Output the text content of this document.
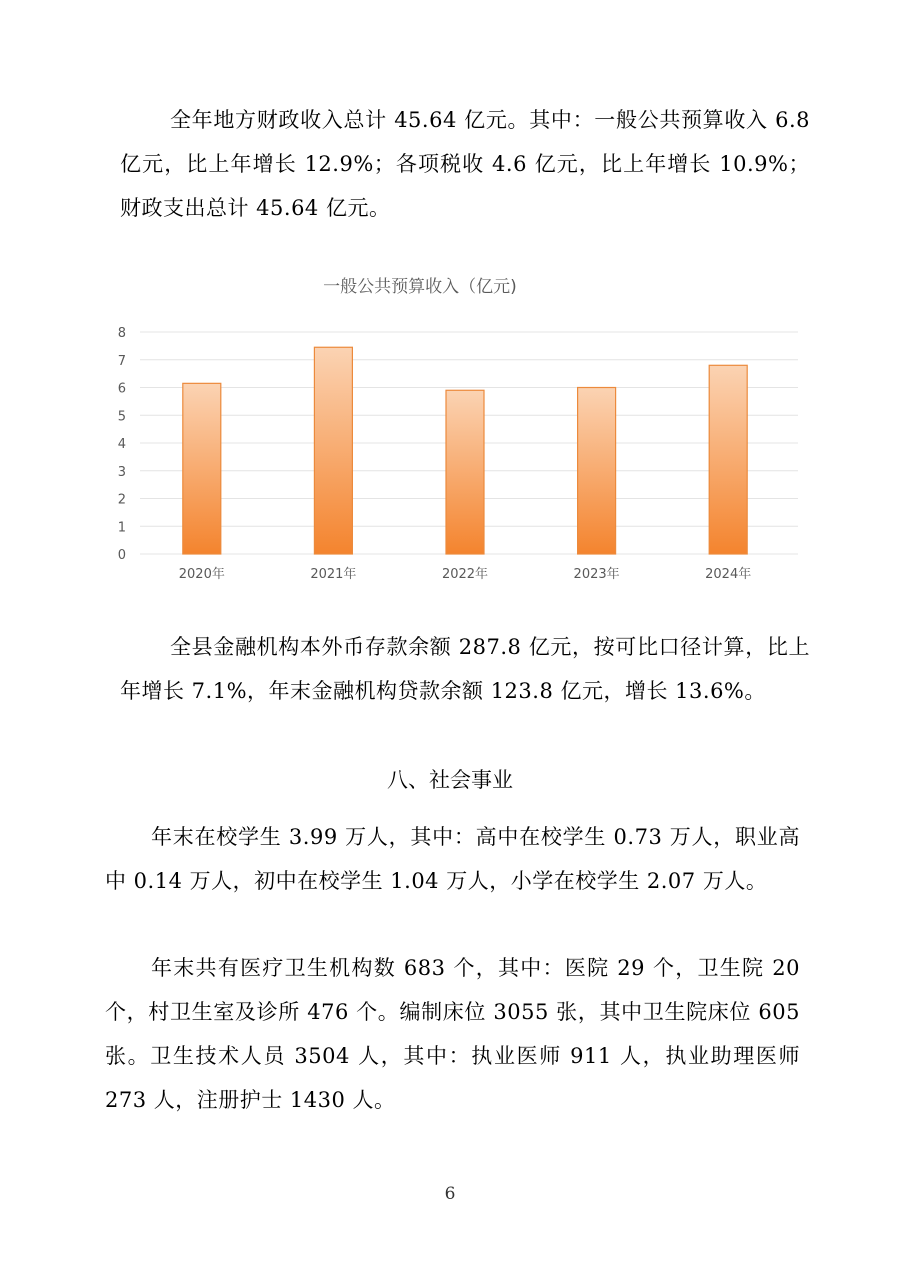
全年地方财政收入总计 45.64 亿元。其中：一般公共预算收入 6.8 亿元，比上年增长 12.9%；各项税收 4.6 亿元，比上年增长 10.9%；财政支出总计 45.64 亿元。

一般公共预算收入（亿元)
0
1
2
3
4
5
6
7
8
2020年	2021年	2022年	2023年	2024年

全县金融机构本外币存款余额 287.8 亿元，按可比口径计算，比上年增长 7.1%，年末金融机构贷款余额 123.8 亿元，增长 13.6%。

八、社会事业

年末在校学生 3.99 万人，其中：高中在校学生 0.73 万人，职业高中 0.14 万人，初中在校学生 1.04 万人，小学在校学生 2.07 万人。

年末共有医疗卫生机构数 683 个，其中：医院 29 个，卫生院 20 个，村卫生室及诊所 476 个。编制床位 3055 张，其中卫生院床位 605 张。卫生技术人员 3504 人，其中：执业医师 911 人，执业助理医师 273 人，注册护士 1430 人。

6
